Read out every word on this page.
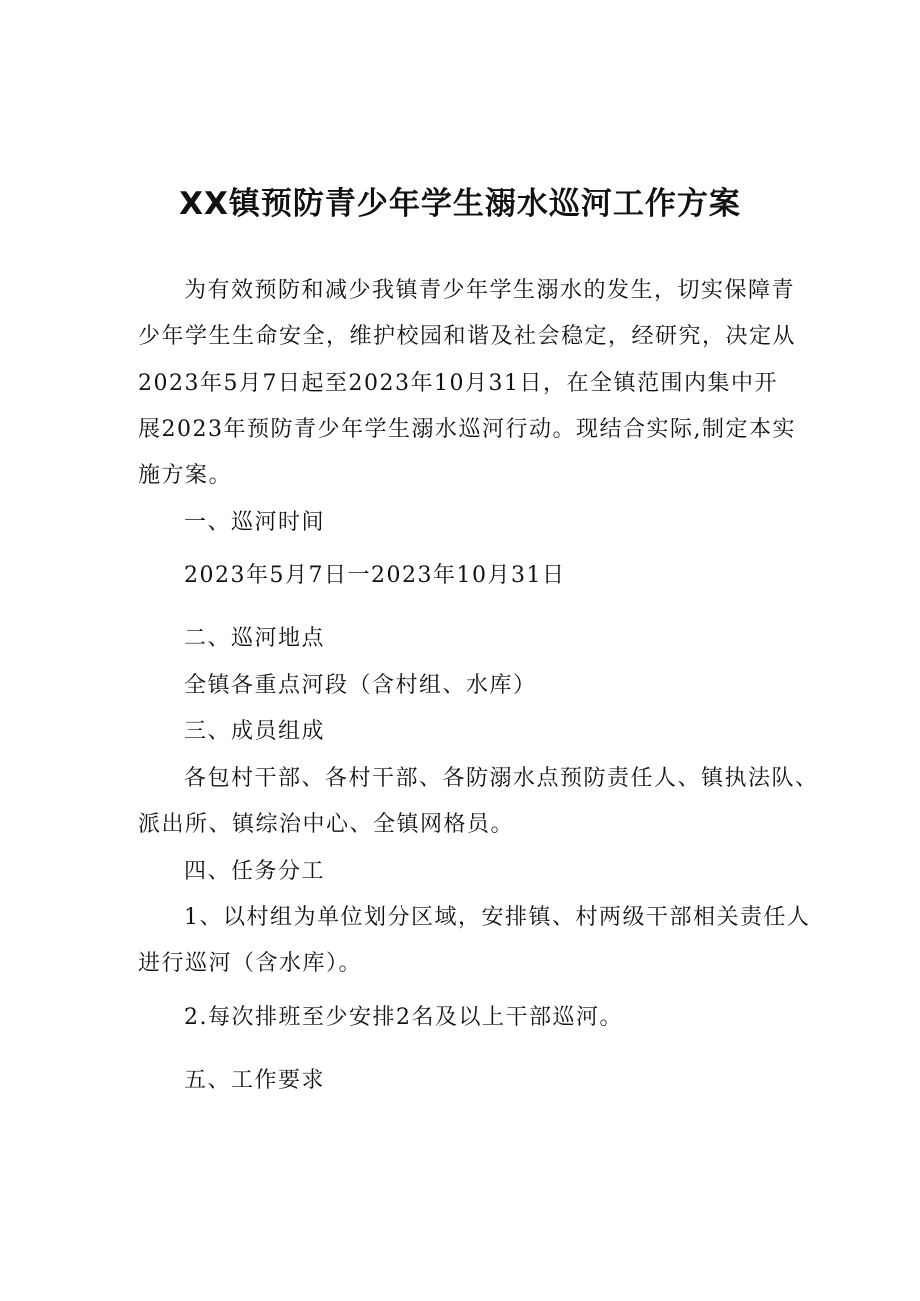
XX镇预防青少年学生溺水巡河工作方案
为有效预防和减少我镇青少年学生溺水的发生，切实保障青
少年学生生命安全，维护校园和谐及社会稳定，经研究，决定从
2023年5月7日起至2023年10月31日，在全镇范围内集中开
展2023年预防青少年学生溺水巡河行动。现结合实际,制定本实
施方案。
一、巡河时间
2023年5月7日一2023年10月31日
二、巡河地点
全镇各重点河段（含村组、水库）
三、成员组成
各包村干部、各村干部、各防溺水点预防责任人、镇执法队、
派出所、镇综治中心、全镇网格员。
四、任务分工
1、以村组为单位划分区域，安排镇、村两级干部相关责任人
进行巡河（含水库）。
2.每次排班至少安排2名及以上干部巡河。
五、工作要求
